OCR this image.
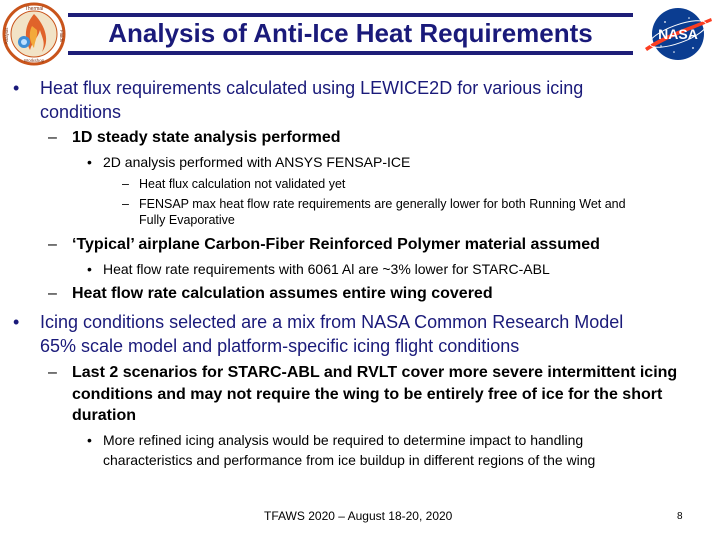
Analysis of Anti-Ice Heat Requirements
Thermal
Fluids
Analysis
Workshop
NASA
• Heat flux requirements calculated using LEWICE2D for various icing
conditions
– 1D steady state analysis performed
• 2D analysis performed with ANSYS FENSAP-ICE
– Heat flux calculation not validated yet
– FENSAP max heat flow rate requirements are generally lower for both Running Wet and
Fully Evaporative
– ‘Typical’ airplane Carbon-Fiber Reinforced Polymer material assumed
• Heat flow rate requirements with 6061 Al are ~3% lower for STARC-ABL
– Heat flow rate calculation assumes entire wing covered
• Icing conditions selected are a mix from NASA Common Research Model
65% scale model and platform-specific icing flight conditions
– Last 2 scenarios for STARC-ABL and RVLT cover more severe intermittent icing
conditions and may not require the wing to be entirely free of ice for the short
duration
• More refined icing analysis would be required to determine impact to handling
characteristics and performance from ice buildup in different regions of the wing
TFAWS 2020 – August 18-20, 2020	8
